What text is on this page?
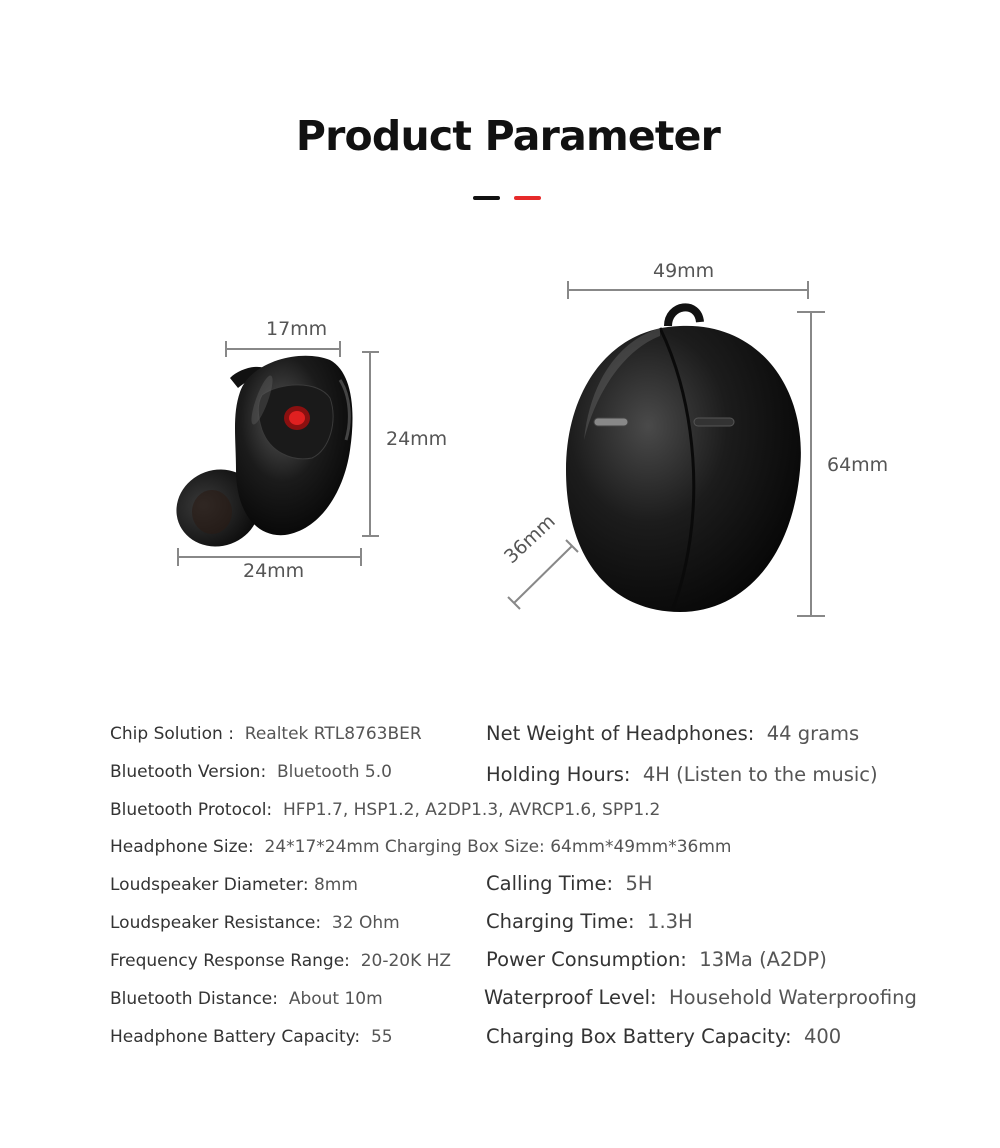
Product Parameter
17mm
24mm
24mm
49mm
64mm
36mm
Chip Solution : Realtek RTL8763BER
Bluetooth Version: Bluetooth 5.0
Bluetooth Protocol: HFP1.7, HSP1.2, A2DP1.3, AVRCP1.6, SPP1.2
Headphone Size: 24*17*24mm Charging Box Size: 64mm*49mm*36mm
Loudspeaker Diameter: 8mm
Loudspeaker Resistance: 32 Ohm
Frequency Response Range: 20-20K HZ
Bluetooth Distance: About 10m
Headphone Battery Capacity: 55
Net Weight of Headphones: 44 grams
Holding Hours: 4H (Listen to the music)
Calling Time: 5H
Charging Time: 1.3H
Power Consumption: 13Ma (A2DP)
Waterproof Level: Household Waterproofing
Charging Box Battery Capacity: 400
